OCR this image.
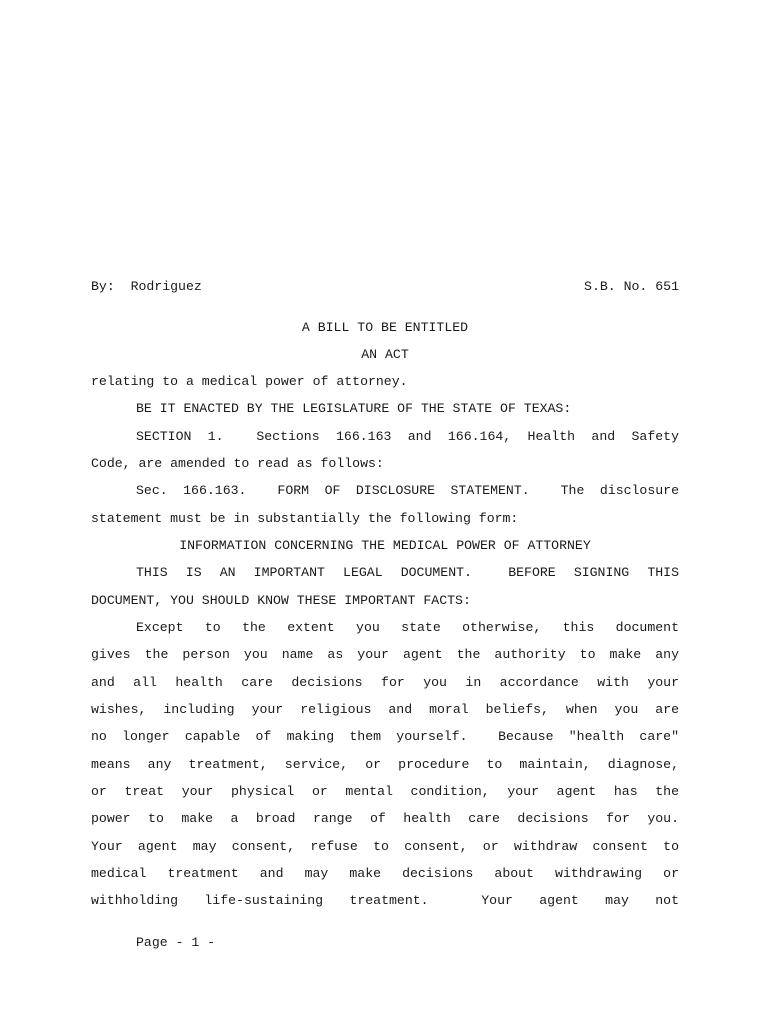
By:  Rodriguez	S.B. No. 651
A BILL TO BE ENTITLED
AN ACT
relating to a medical power of attorney.
BE IT ENACTED BY THE LEGISLATURE OF THE STATE OF TEXAS:
SECTION 1.  Sections 166.163 and 166.164, Health and Safety
Code, are amended to read as follows:
Sec. 166.163.  FORM OF DISCLOSURE STATEMENT.  The disclosure
statement must be in substantially the following form:
INFORMATION CONCERNING THE MEDICAL POWER OF ATTORNEY
THIS IS AN IMPORTANT LEGAL DOCUMENT.  BEFORE SIGNING THIS
DOCUMENT, YOU SHOULD KNOW THESE IMPORTANT FACTS:
Except to the extent you state otherwise, this document
gives the person you name as your agent the authority to make any
and all health care decisions for you in accordance with your
wishes, including your religious and moral beliefs, when you are
no longer capable of making them yourself.  Because "health care"
means any treatment, service, or procedure to maintain, diagnose,
or treat your physical or mental condition, your agent has the
power to make a broad range of health care decisions for you.
Your agent may consent, refuse to consent, or withdraw consent to
medical treatment and may make decisions about withdrawing or
withholding life-sustaining treatment.  Your agent may not
Page - 1 -
